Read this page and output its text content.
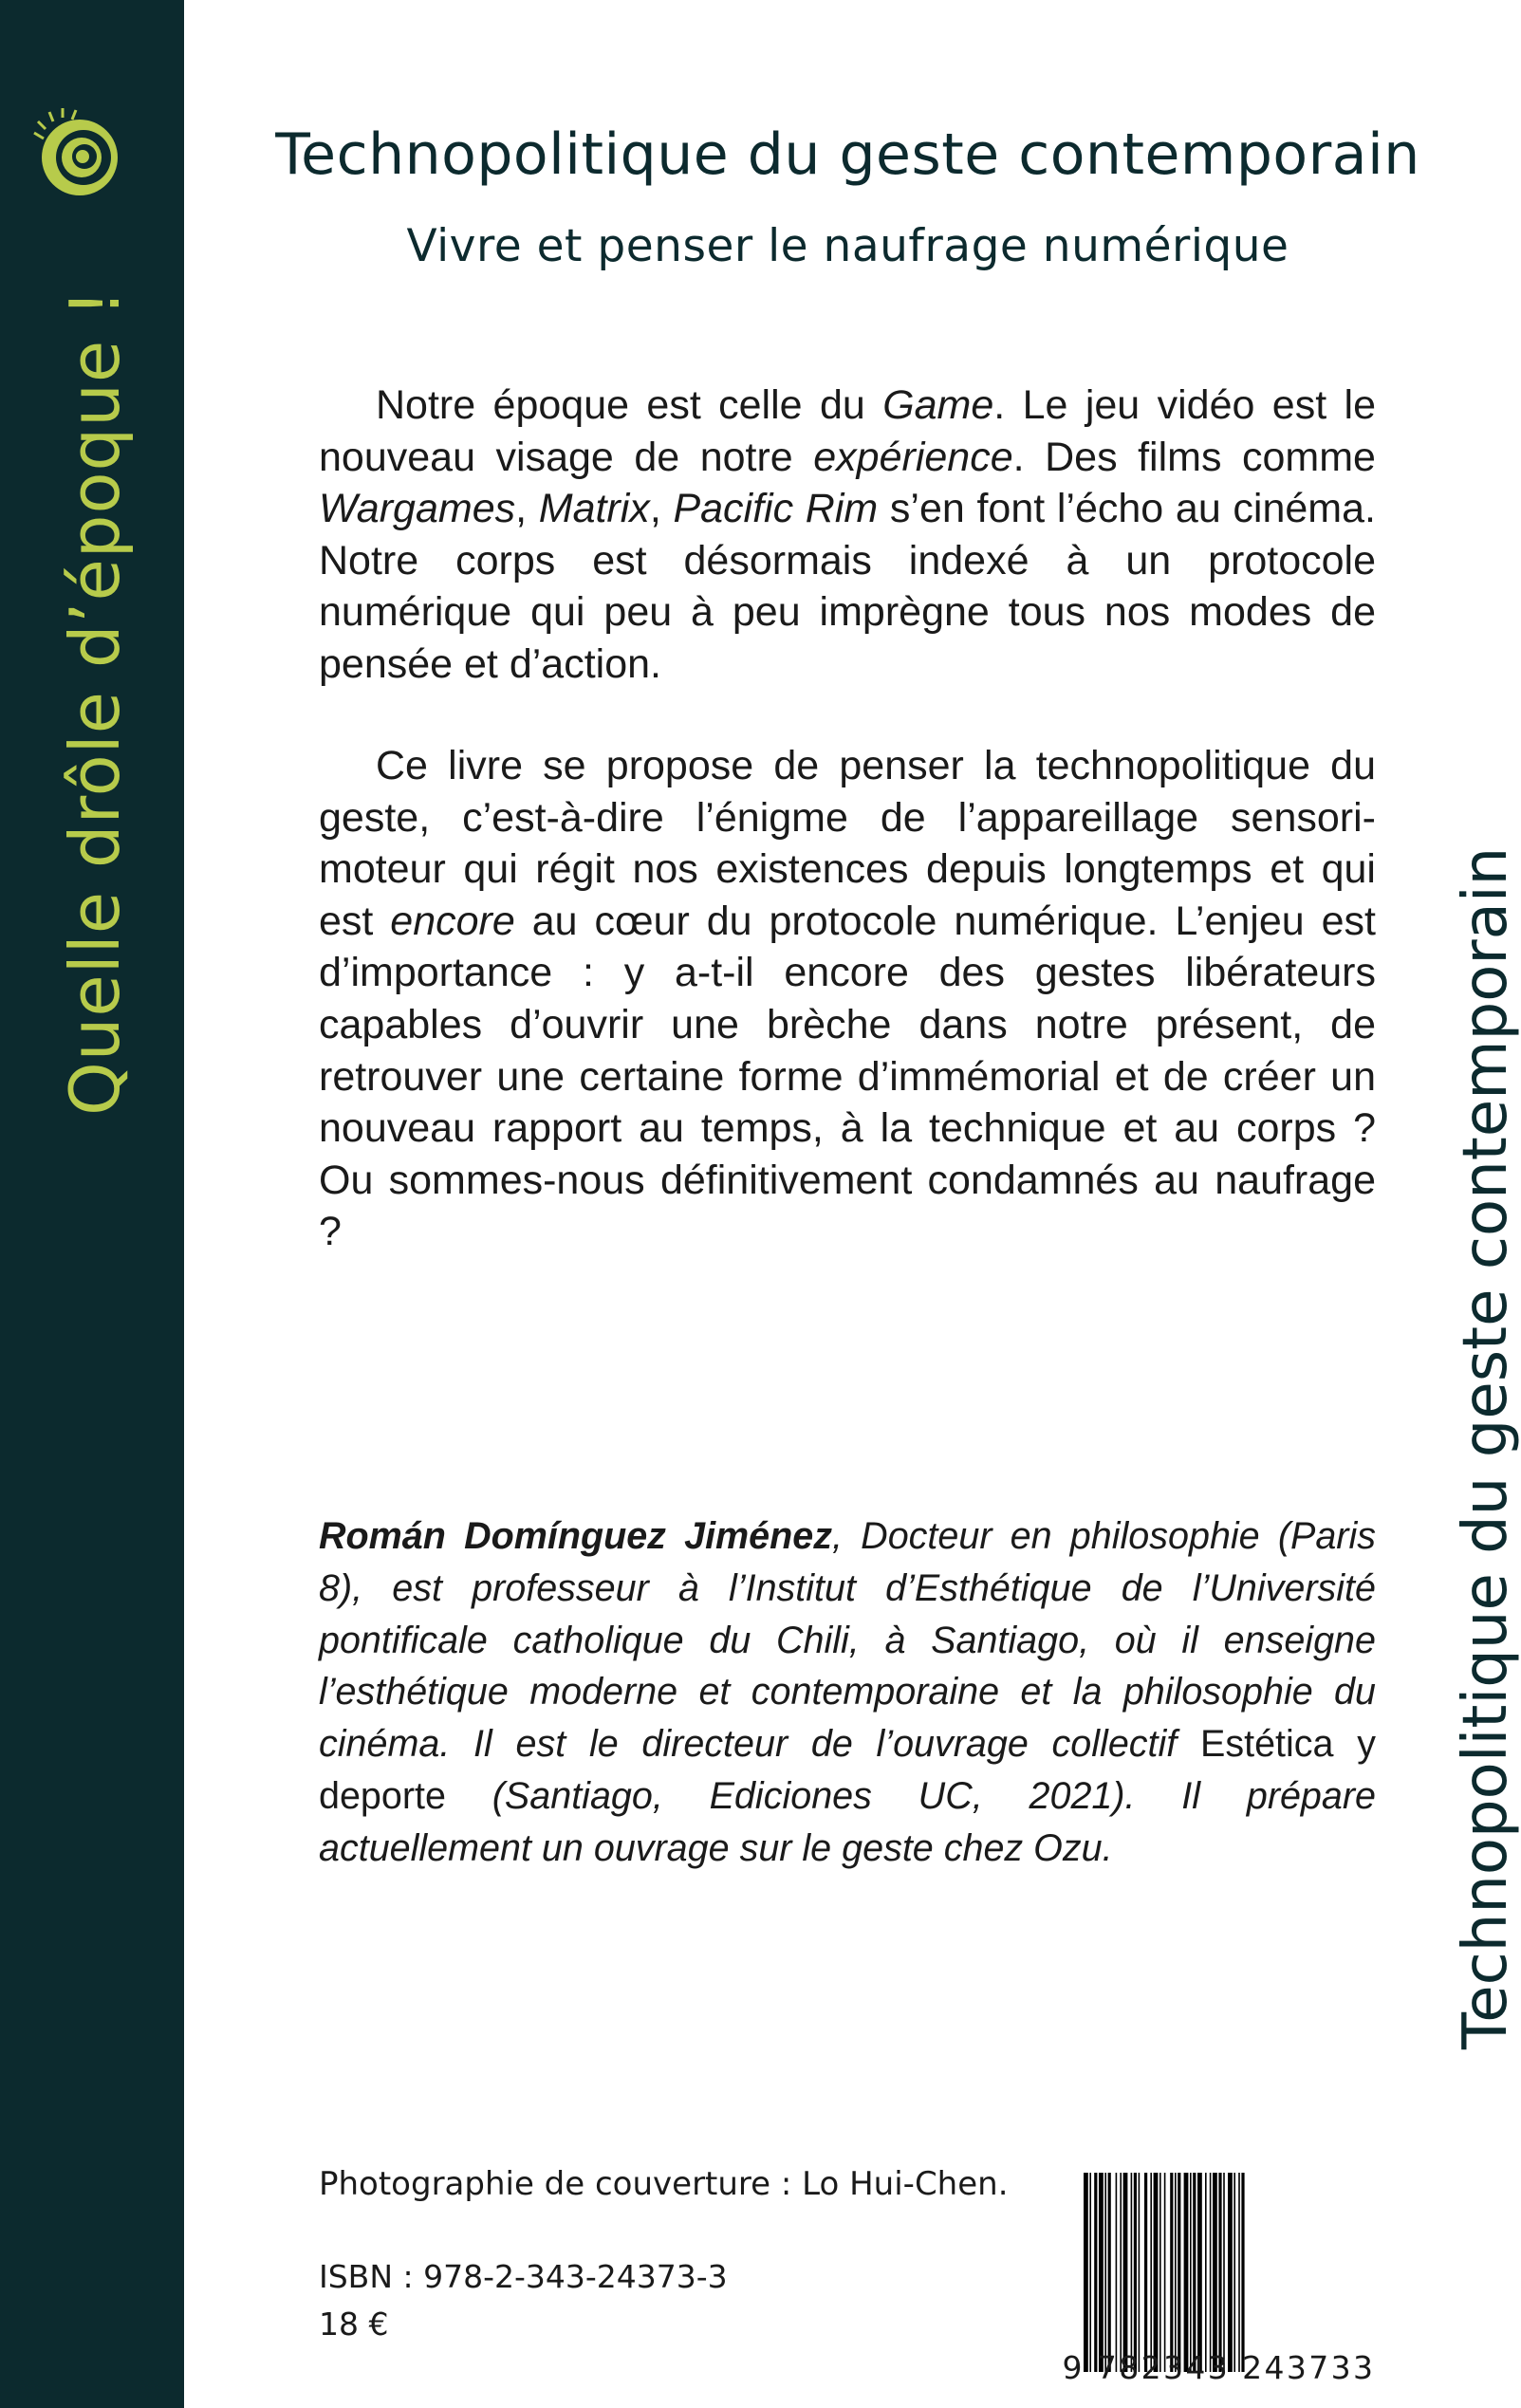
Quelle drôle d’époque !
Technopolitique du geste contemporain
Technopolitique du geste contemporain
Vivre et penser le naufrage numérique

Notre époque est celle du Game. Le jeu vidéo est le nouveau visage de notre expérience. Des films comme Wargames, Matrix, Pacific Rim s’en font l’écho au cinéma. Notre corps est désormais indexé à un protocole numérique qui peu à peu imprègne tous nos modes de pensée et d’action.

Ce livre se propose de penser la technopolitique du geste, c’est-à-dire l’énigme de l’appareillage sensori-moteur qui régit nos existences depuis longtemps et qui est encore au cœur du protocole numérique. L’enjeu est d’importance : y a-t-il encore des gestes libérateurs capables d’ouvrir une brèche dans notre présent, de retrouver une certaine forme d’immémorial et de créer un nouveau rapport au temps, à la technique et au corps ? Ou sommes-nous définitivement condamnés au naufrage ?

Román Domínguez Jiménez, Docteur en philosophie (Paris 8), est professeur à l’Institut d’Esthétique de l’Université pontificale catholique du Chili, à Santiago, où il enseigne l’esthétique moderne et contemporaine et la philosophie du cinéma. Il est le directeur de l’ouvrage collectif Estética y deporte (Santiago, Ediciones UC, 2021). Il prépare actuellement un ouvrage sur le geste chez Ozu.

Photographie de couverture : Lo Hui-Chen.
ISBN : 978-2-343-24373-3
18 €
9 782343 243733
